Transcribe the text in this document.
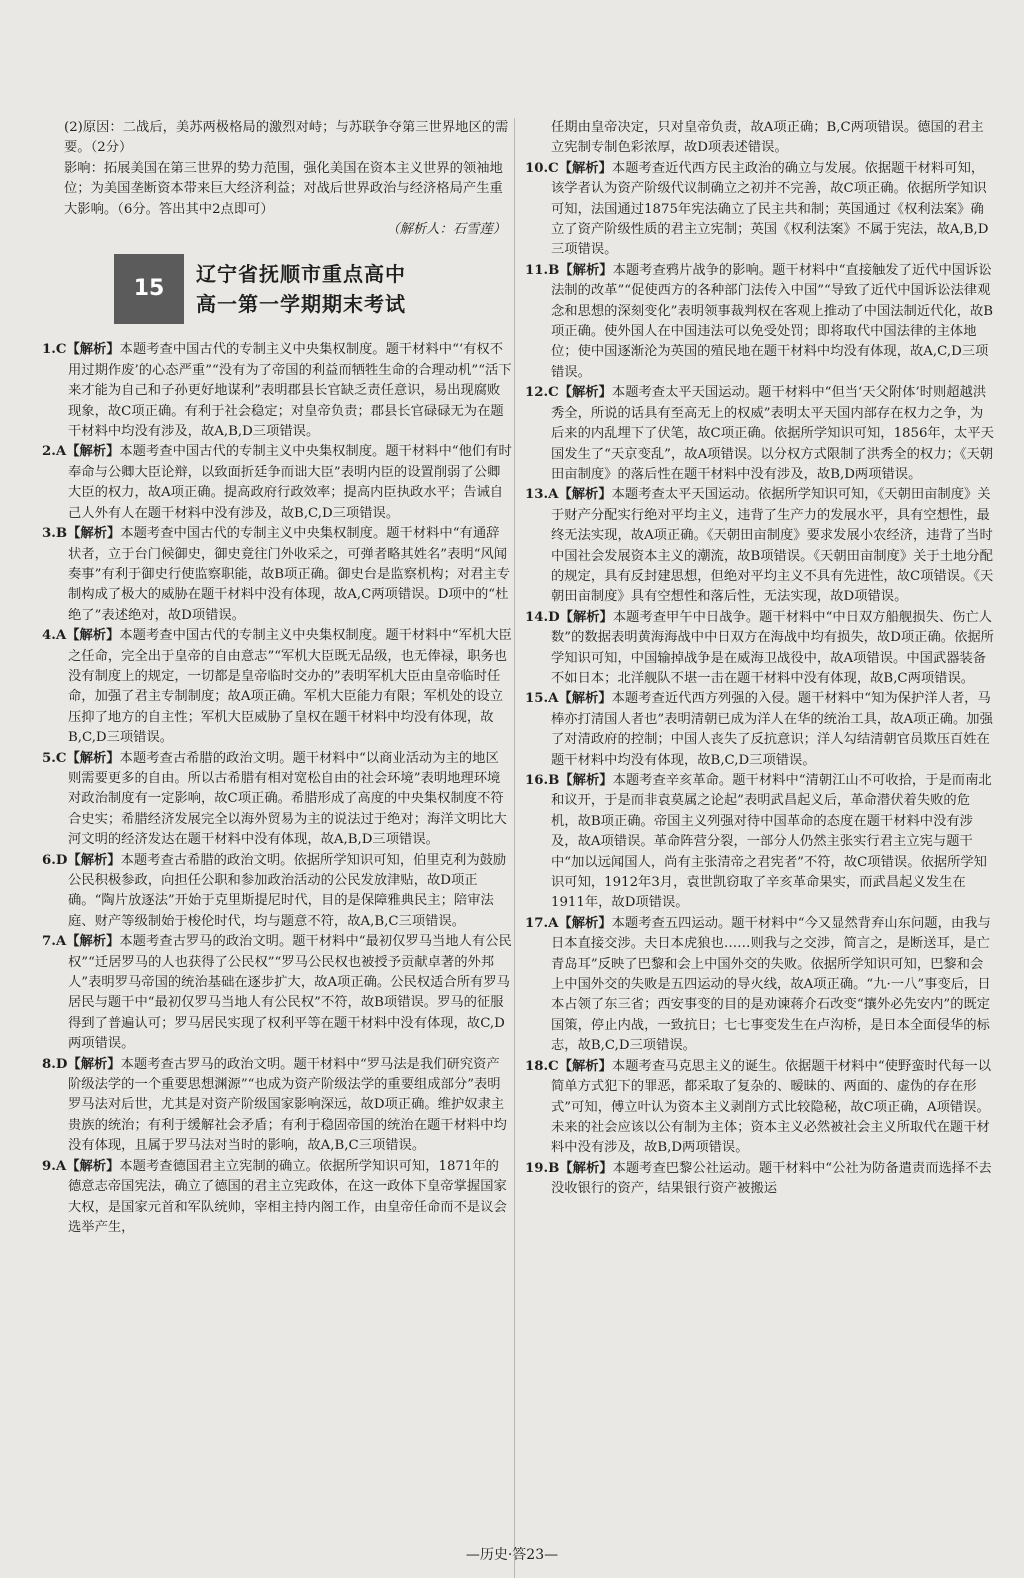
(2)原因：二战后，美苏两极格局的激烈对峙；与苏联争夺第三世界地区的需要。（2分）

影响：拓展美国在第三世界的势力范围，强化美国在资本主义世界的领袖地位；为美国垄断资本带来巨大经济利益；对战后世界政治与经济格局产生重大影响。（6分。答出其中2点即可）

（解析人：石雪莲）

15
辽宁省抚顺市重点高中
高一第一学期期末考试

1.C【解析】本题考查中国古代的专制主义中央集权制度。题干材料中“‘有权不用过期作废’的心态严重”“没有为了帝国的利益而牺牲生命的合理动机”“活下来才能为自己和子孙更好地谋利”表明郡县长官缺乏责任意识，易出现腐败现象，故C项正确。有利于社会稳定；对皇帝负责；郡县长官碌碌无为在题干材料中均没有涉及，故A,B,D三项错误。

2.A【解析】本题考查中国古代的专制主义中央集权制度。题干材料中“他们有时奉命与公卿大臣论辩，以致面折廷争而诎大臣”表明内臣的设置削弱了公卿大臣的权力，故A项正确。提高政府行政效率；提高内臣执政水平；告诫自己人外有人在题干材料中没有涉及，故B,C,D三项错误。

3.B【解析】本题考查中国古代的专制主义中央集权制度。题干材料中“有通辞状者，立于台门候御史，御史竟往门外收采之，可弹者略其姓名”表明“风闻奏事”有利于御史行使监察职能，故B项正确。御史台是监察机构；对君主专制构成了极大的威胁在题干材料中没有体现，故A,C两项错误。D项中的“杜绝了”表述绝对，故D项错误。

4.A【解析】本题考查中国古代的专制主义中央集权制度。题干材料中“军机大臣之任命，完全出于皇帝的自由意志”“军机大臣既无品级，也无俸禄，职务也没有制度上的规定，一切都是皇帝临时交办的”表明军机大臣由皇帝临时任命，加强了君主专制制度；故A项正确。军机大臣能力有限；军机处的设立压抑了地方的自主性；军机大臣威胁了皇权在题干材料中均没有体现，故B,C,D三项错误。

5.C【解析】本题考查古希腊的政治文明。题干材料中“以商业活动为主的地区则需要更多的自由。所以古希腊有相对宽松自由的社会环境”表明地理环境对政治制度有一定影响，故C项正确。希腊形成了高度的中央集权制度不符合史实；希腊经济发展完全以海外贸易为主的说法过于绝对；海洋文明比大河文明的经济发达在题干材料中没有体现，故A,B,D三项错误。

6.D【解析】本题考查古希腊的政治文明。依据所学知识可知，伯里克利为鼓励公民积极参政，向担任公职和参加政治活动的公民发放津贴，故D项正确。“陶片放逐法”开始于克里斯提尼时代，目的是保障雅典民主；陪审法庭、财产等级制始于梭伦时代，均与题意不符，故A,B,C三项错误。

7.A【解析】本题考查古罗马的政治文明。题干材料中“最初仅罗马当地人有公民权”“迁居罗马的人也获得了公民权”“罗马公民权也被授予贡献卓著的外邦人”表明罗马帝国的统治基础在逐步扩大，故A项正确。公民权适合所有罗马居民与题干中“最初仅罗马当地人有公民权”不符，故B项错误。罗马的征服得到了普遍认可；罗马居民实现了权利平等在题干材料中没有体现，故C,D两项错误。

8.D【解析】本题考查古罗马的政治文明。题干材料中“罗马法是我们研究资产阶级法学的一个重要思想渊源”“也成为资产阶级法学的重要组成部分”表明罗马法对后世，尤其是对资产阶级国家影响深远，故D项正确。维护奴隶主贵族的统治；有利于缓解社会矛盾；有利于稳固帝国的统治在题干材料中均没有体现，且属于罗马法对当时的影响，故A,B,C三项错误。

9.A【解析】本题考查德国君主立宪制的确立。依据所学知识可知，1871年的德意志帝国宪法，确立了德国的君主立宪政体，在这一政体下皇帝掌握国家大权，是国家元首和军队统帅，宰相主持内阁工作，由皇帝任命而不是议会选举产生，

任期由皇帝决定，只对皇帝负责，故A项正确；B,C两项错误。德国的君主立宪制专制色彩浓厚，故D项表述错误。

10.C【解析】本题考查近代西方民主政治的确立与发展。依据题干材料可知，该学者认为资产阶级代议制确立之初并不完善，故C项正确。依据所学知识可知，法国通过1875年宪法确立了民主共和制；英国通过《权利法案》确立了资产阶级性质的君主立宪制；英国《权利法案》不属于宪法，故A,B,D三项错误。

11.B【解析】本题考查鸦片战争的影响。题干材料中“直接触发了近代中国诉讼法制的改革”“促使西方的各种部门法传入中国”“导致了近代中国诉讼法律观念和思想的深刻变化”表明领事裁判权在客观上推动了中国法制近代化，故B项正确。使外国人在中国违法可以免受处罚；即将取代中国法律的主体地位；使中国逐渐沦为英国的殖民地在题干材料中均没有体现，故A,C,D三项错误。

12.C【解析】本题考查太平天国运动。题干材料中“但当‘天父附体’时则超越洪秀全，所说的话具有至高无上的权威”表明太平天国内部存在权力之争，为后来的内乱埋下了伏笔，故C项正确。依据所学知识可知，1856年，太平天国发生了“天京变乱”，故A项错误。以分权方式限制了洪秀全的权力；《天朝田亩制度》的落后性在题干材料中没有涉及，故B,D两项错误。

13.A【解析】本题考查太平天国运动。依据所学知识可知，《天朝田亩制度》关于财产分配实行绝对平均主义，违背了生产力的发展水平，具有空想性，最终无法实现，故A项正确。《天朝田亩制度》要求发展小农经济，违背了当时中国社会发展资本主义的潮流，故B项错误。《天朝田亩制度》关于土地分配的规定，具有反封建思想，但绝对平均主义不具有先进性，故C项错误。《天朝田亩制度》具有空想性和落后性，无法实现，故D项错误。

14.D【解析】本题考查甲午中日战争。题干材料中“中日双方船舰损失、伤亡人数”的数据表明黄海海战中中日双方在海战中均有损失，故D项正确。依据所学知识可知，中国输掉战争是在威海卫战役中，故A项错误。中国武器装备不如日本；北洋舰队不堪一击在题干材料中没有体现，故B,C两项错误。

15.A【解析】本题考查近代西方列强的入侵。题干材料中“知为保护洋人者，马棒亦打清国人者也”表明清朝已成为洋人在华的统治工具，故A项正确。加强了对清政府的控制；中国人丧失了反抗意识；洋人勾结清朝官员欺压百姓在题干材料中均没有体现，故B,C,D三项错误。

16.B【解析】本题考查辛亥革命。题干材料中“清朝江山不可收拾，于是而南北和议开，于是而非袁莫属之论起”表明武昌起义后，革命潜伏着失败的危机，故B项正确。帝国主义列强对待中国革命的态度在题干材料中没有涉及，故A项错误。革命阵营分裂，一部分人仍然主张实行君主立宪与题干中“加以远闻国人，尚有主张清帝之君宪者”不符，故C项错误。依据所学知识可知，1912年3月，袁世凯窃取了辛亥革命果实，而武昌起义发生在1911年，故D项错误。

17.A【解析】本题考查五四运动。题干材料中“今又显然背弃山东问题，由我与日本直接交涉。夫日本虎狼也……则我与之交涉，简言之，是断送耳，是亡青岛耳”反映了巴黎和会上中国外交的失败。依据所学知识可知，巴黎和会上中国外交的失败是五四运动的导火线，故A项正确。“九·一八”事变后，日本占领了东三省；西安事变的目的是劝谏蒋介石改变“攘外必先安内”的既定国策，停止内战，一致抗日；七七事变发生在卢沟桥，是日本全面侵华的标志，故B,C,D三项错误。

18.C【解析】本题考查马克思主义的诞生。依据题干材料中“使野蛮时代每一以简单方式犯下的罪恶，都采取了复杂的、暧昧的、两面的、虚伪的存在形式”可知，傅立叶认为资本主义剥削方式比较隐秘，故C项正确，A项错误。未来的社会应该以公有制为主体；资本主义必然被社会主义所取代在题干材料中没有涉及，故B,D两项错误。

19.B【解析】本题考查巴黎公社运动。题干材料中“公社为防备遣责而选择不去没收银行的资产，结果银行资产被搬运

—历史·答23—
